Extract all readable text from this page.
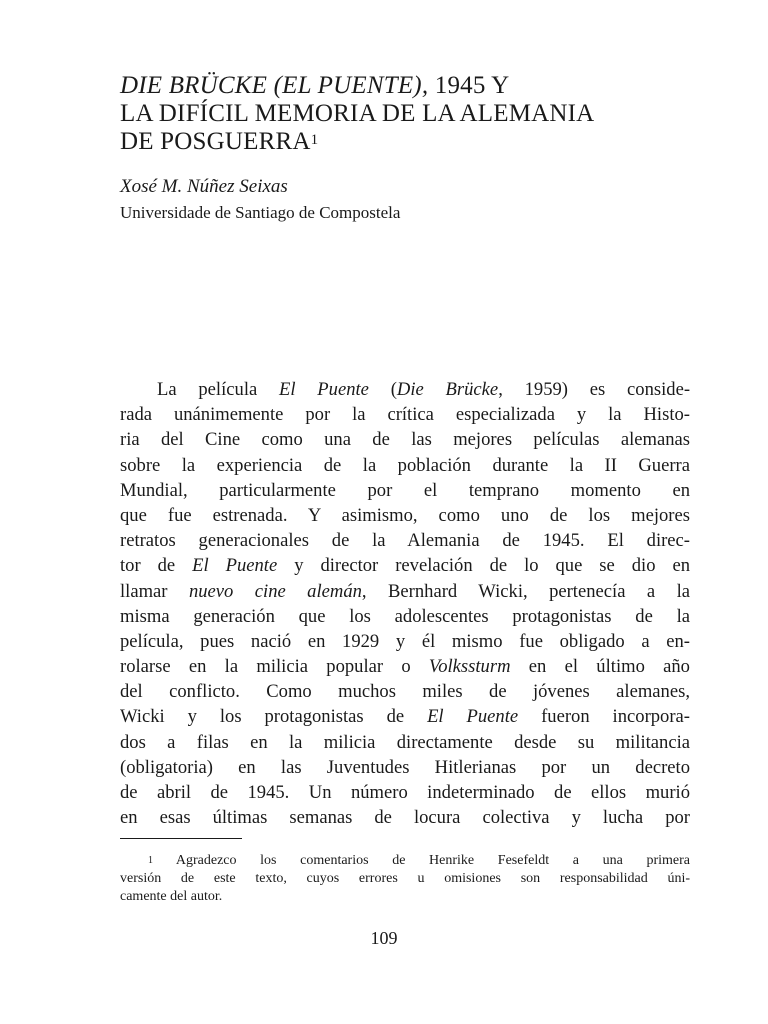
DIE BRÜCKE (EL PUENTE), 1945 Y
LA DIFÍCIL MEMORIA DE LA ALEMANIA
DE POSGUERRA$^1$

Xosé M. Núñez Seixas

Universidade de Santiago de Compostela

La película El Puente (Die Brücke, 1959) es conside-
rada unánimemente por la crítica especializada y la Histo-
ria del Cine como una de las mejores películas alemanas
sobre la experiencia de la población durante la II Guerra
Mundial, particularmente por el temprano momento en
que fue estrenada. Y asimismo, como uno de los mejores
retratos generacionales de la Alemania de 1945. El direc-
tor de El Puente y director revelación de lo que se dio en
llamar nuevo cine alemán, Bernhard Wicki, pertenecía a la
misma generación que los adolescentes protagonistas de la
película, pues nació en 1929 y él mismo fue obligado a en-
rolarse en la milicia popular o Volkssturm en el último año
del conflicto. Como muchos miles de jóvenes alemanes,
Wicki y los protagonistas de El Puente fueron incorpora-
dos a filas en la milicia directamente desde su militancia
(obligatoria) en las Juventudes Hitlerianas por un decreto
de abril de 1945. Un número indeterminado de ellos murió
en esas últimas semanas de locura colectiva y lucha por
$^1$ Agradezco los comentarios de Henrike Fesefeldt a una primera
versión de este texto, cuyos errores u omisiones son responsabilidad úni-
camente del autor.
109
